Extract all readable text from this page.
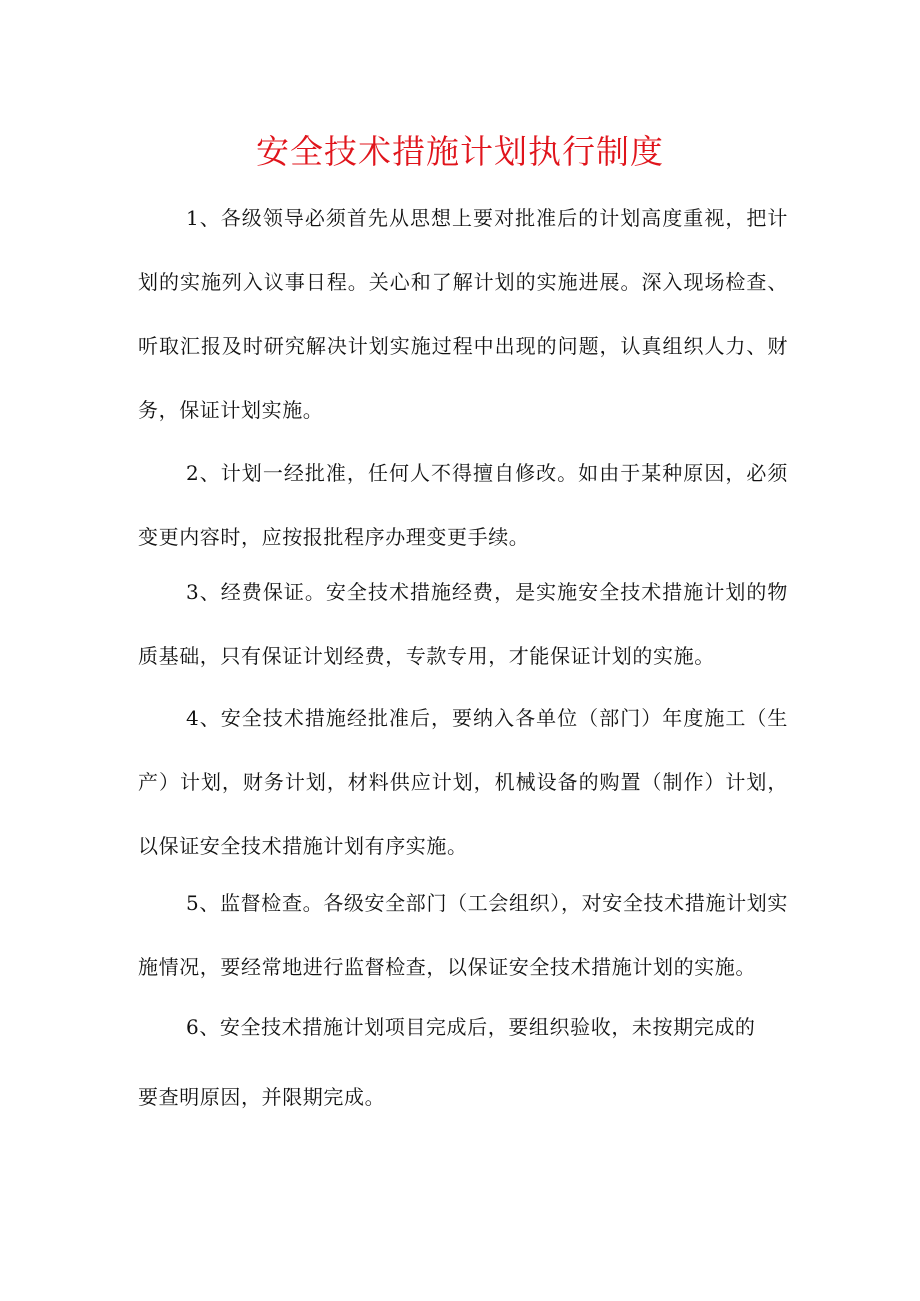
安全技术措施计划执行制度

1、各级领导必须首先从思想上要对批准后的计划高度重视，把计划的实施列入议事日程。关心和了解计划的实施进展。深入现场检查、听取汇报及时研究解决计划实施过程中出现的问题，认真组织人力、财务，保证计划实施。

2、计划一经批准，任何人不得擅自修改。如由于某种原因，必须变更内容时，应按报批程序办理变更手续。

3、经费保证。安全技术措施经费，是实施安全技术措施计划的物质基础，只有保证计划经费，专款专用，才能保证计划的实施。

4、安全技术措施经批准后，要纳入各单位（部门）年度施工（生产）计划，财务计划，材料供应计划，机械设备的购置（制作）计划，以保证安全技术措施计划有序实施。

5、监督检查。各级安全部门（工会组织），对安全技术措施计划实施情况，要经常地进行监督检查，以保证安全技术措施计划的实施。

6、安全技术措施计划项目完成后，要组织验收，未按期完成的

要查明原因，并限期完成。
